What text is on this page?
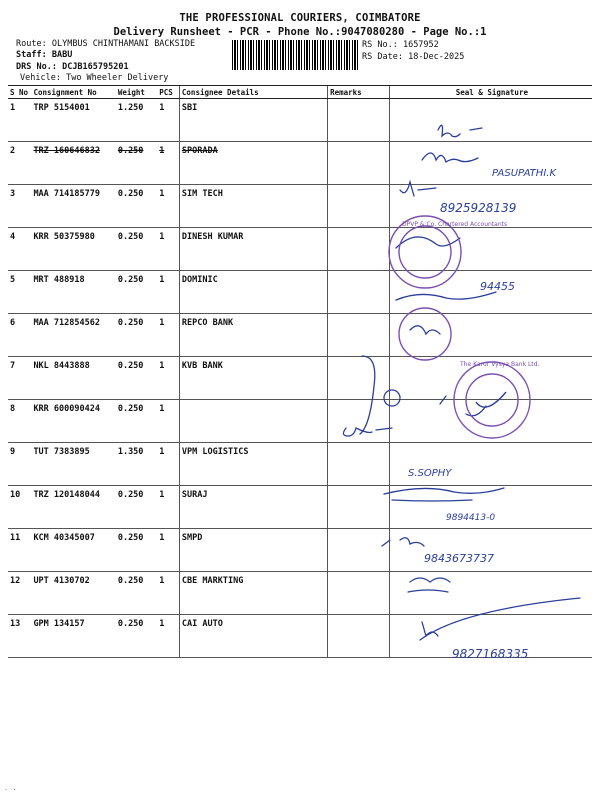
THE PROFESSIONAL COURIERS, COIMBATORE
Delivery Runsheet - PCR - Phone No.:9047080280 - Page No.:1
Route: OLYMBUS CHINTHAMANI BACKSIDE
Staff: BABU
DRS No.: DCJB165795201
Vehicle: Two Wheeler Delivery
RS No.: 1657952
RS Date: 18-Dec-2025
S No	Consignment No	Weight	PCS	Consignee Details	Remarks	Seal & Signature
1	TRP 5154001	1.250	1	SBI		
2	TRZ 160646832	0.250	1	SPORADA		
3	MAA 714185779	0.250	1	SIM TECH		
4	KRR 50375980	0.250	1	DINESH KUMAR		
5	MRT 488918	0.250	1	DOMINIC		
6	MAA 712854562	0.250	1	REPCO BANK		
7	NKL 8443888	0.250	1	KVB BANK		
8	KRR 600090424	0.250	1			
9	TUT 7383895	1.350	1	VPM LOGISTICS		
10	TRZ 120148044	0.250	1	SURAJ		
11	KCM 40345007	0.250	1	SMPD		
12	UPT 4130702	0.250	1	CBE MARKTING		
13	GPM 134157	0.250	1	CAI AUTO		
PASUPATHI.K
8925928139
94455
S.SOPHY
9894413-0
9843673737
9827168335
DPVP & Co. Chartered Accountants
The Karur Vysya Bank Ltd.
· ·
